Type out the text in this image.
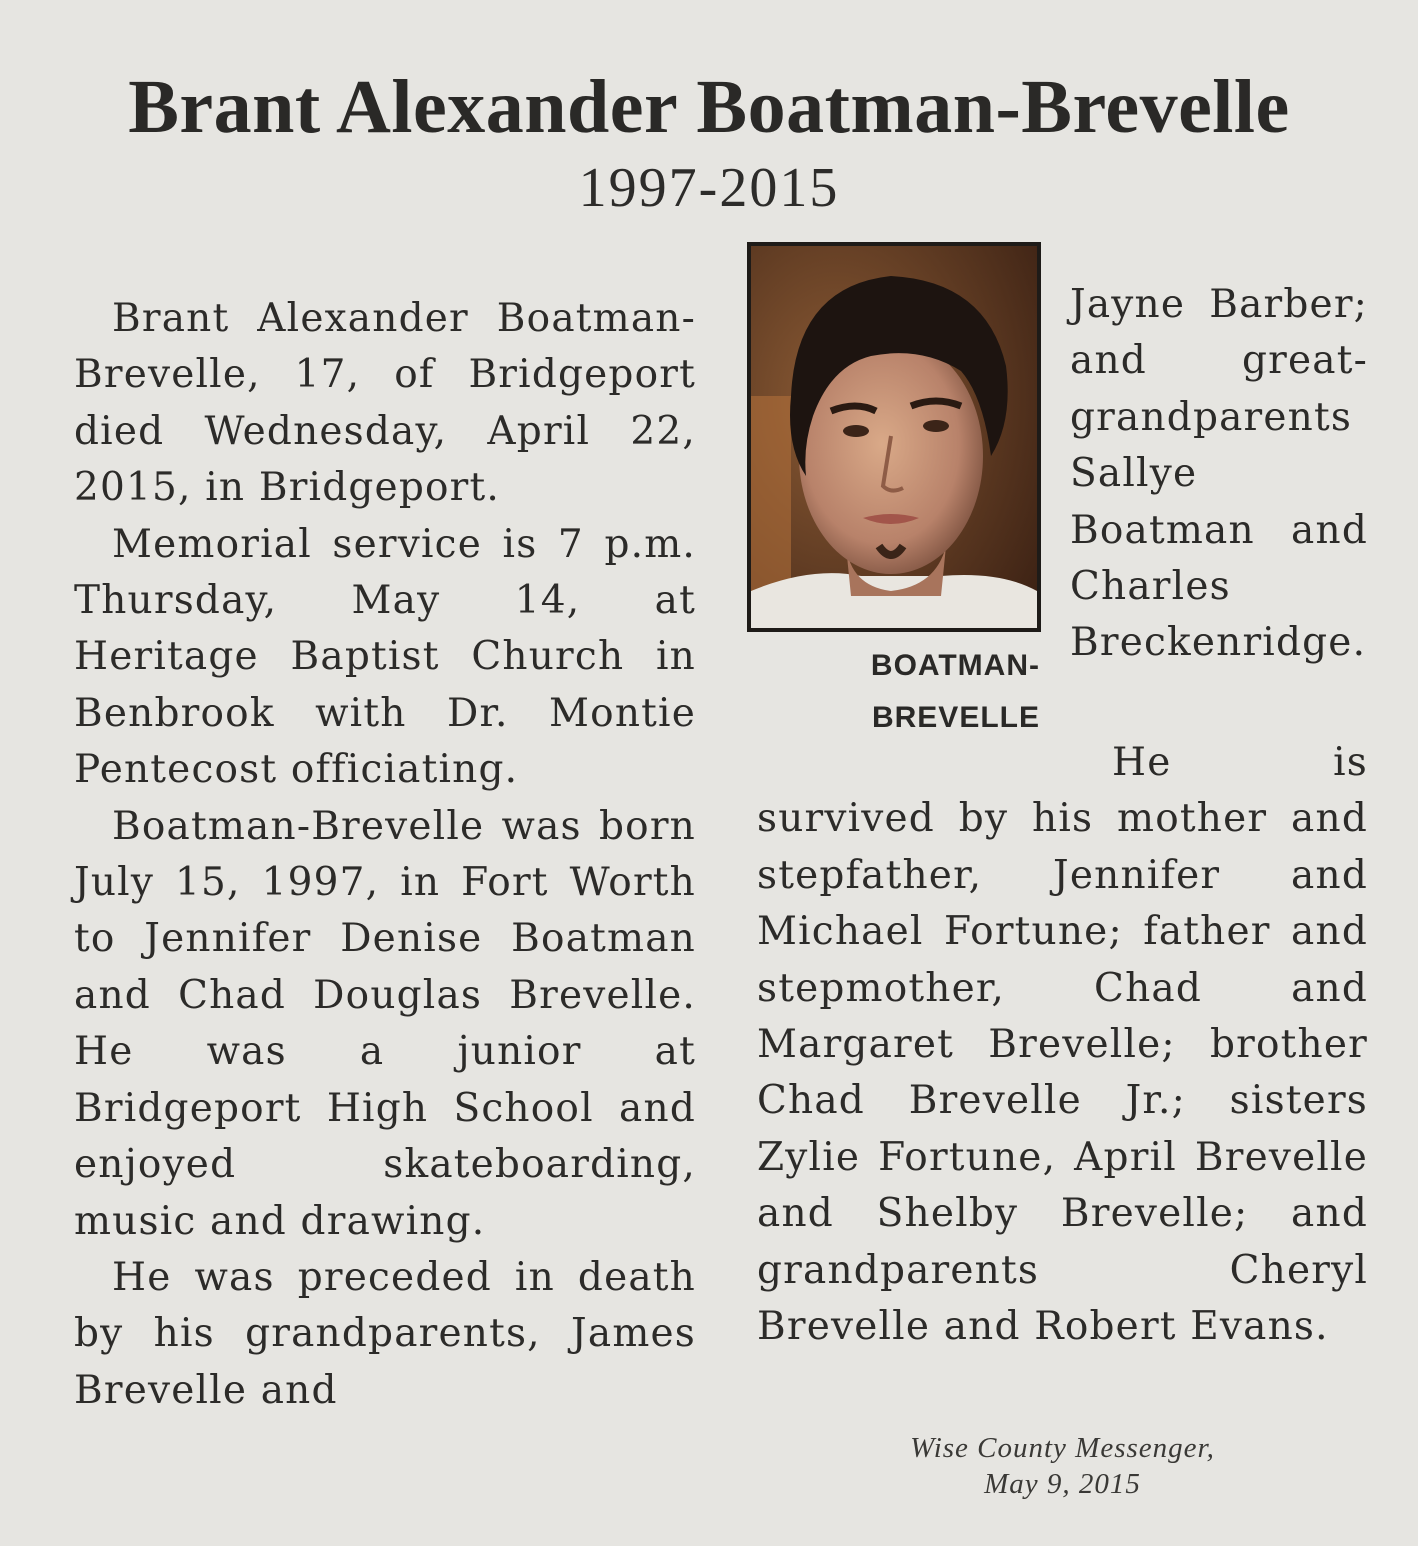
Brant Alexander Boatman-Brevelle
1997-2015

Brant Alexander Boatman-Brevelle, 17, of Bridgeport died Wednesday, April 22, 2015, in Bridgeport.

Memorial service is 7 p.m. Thursday, May 14, at Heritage Baptist Church in Benbrook with Dr. Montie Pentecost officiating.

Boatman-Brevelle was born July 15, 1997, in Fort Worth to Jennifer Denise Boatman and Chad Douglas Brevelle. He was a junior at Bridgeport High School and enjoyed skateboarding, music and drawing.

He was preceded in death by his grandparents, James Brevelle and

BOATMAN-
BREVELLE

Jayne Barber; and great-grandparents Sallye Boatman and Charles Breckenridge.

He is survived by his mother and stepfather, Jennifer and Michael Fortune; father and stepmother, Chad and Margaret Brevelle; brother Chad Brevelle Jr.; sisters Zylie Fortune, April Brevelle and Shelby Brevelle; and grandparents Cheryl Brevelle and Robert Evans.

Wise County Messenger,
May 9, 2015
